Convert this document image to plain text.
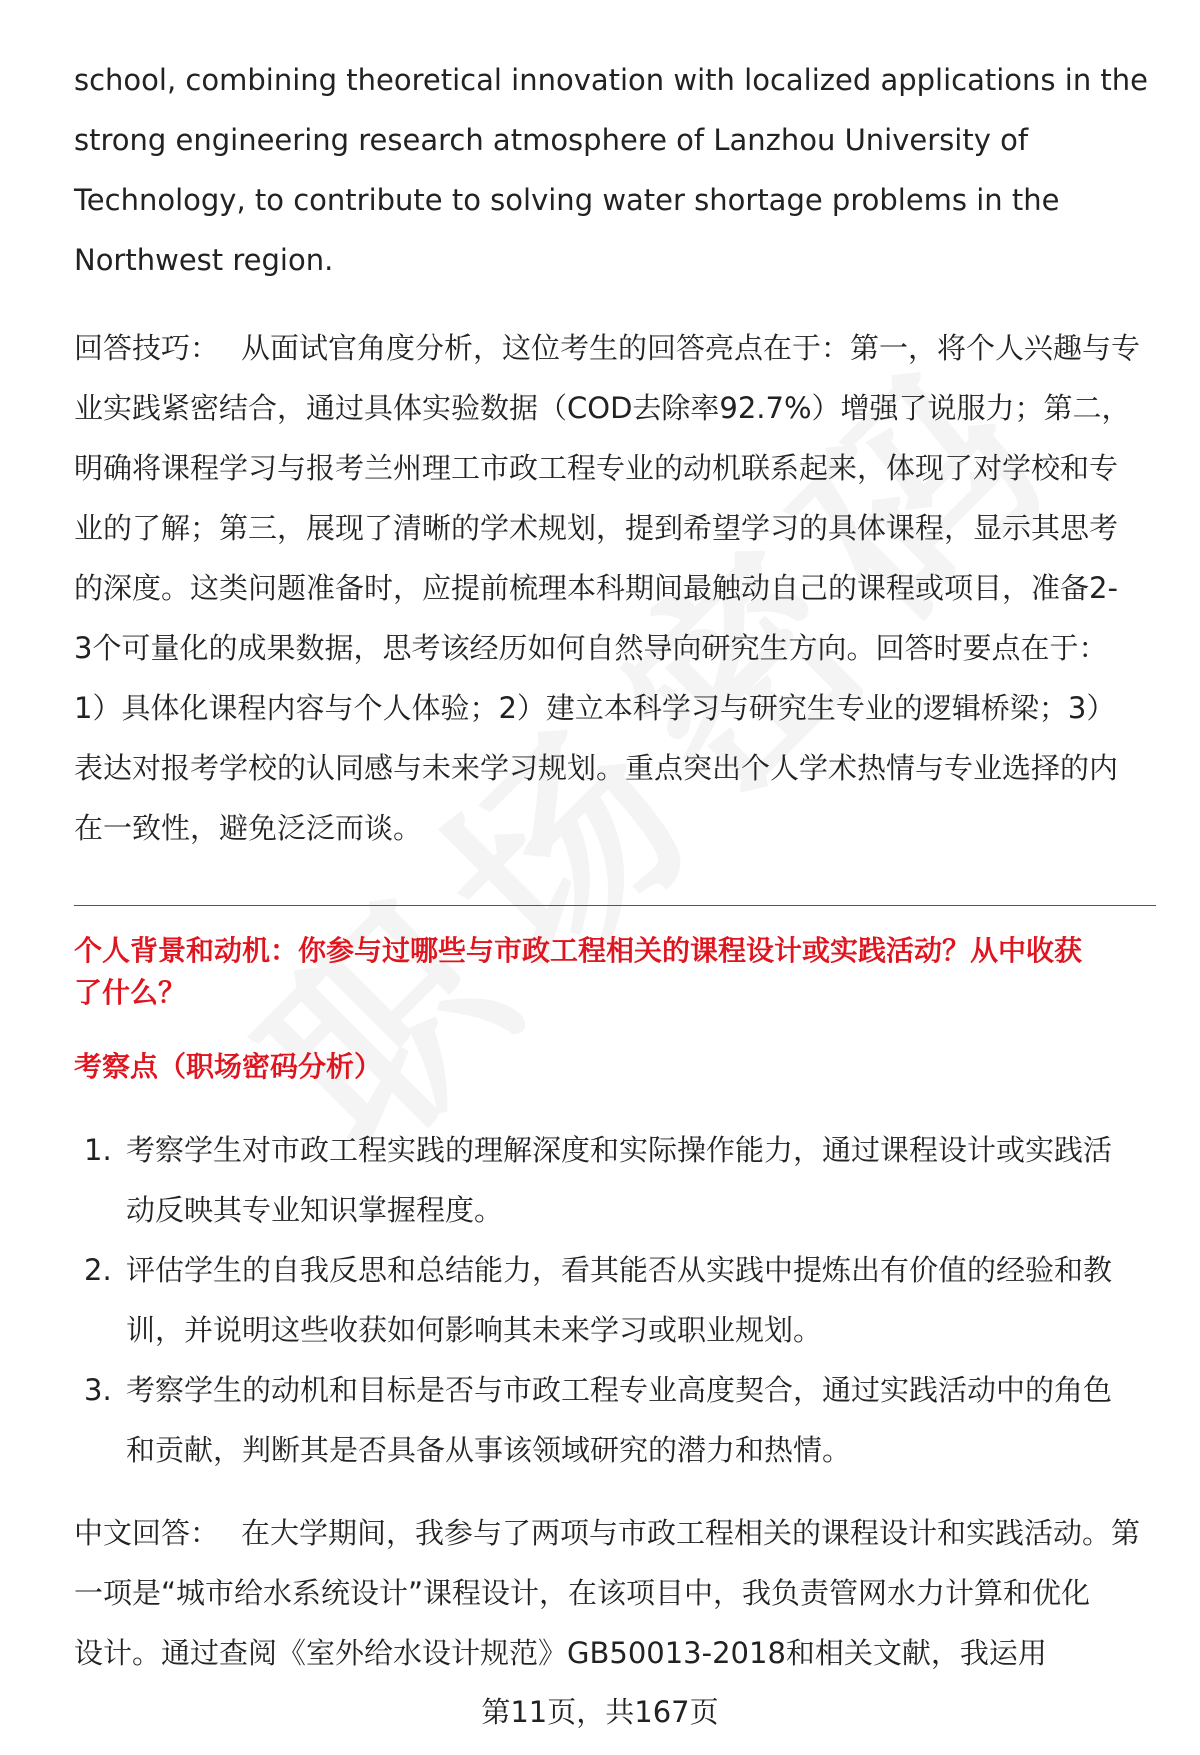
school, combining theoretical innovation with localized applications in the

strong engineering research atmosphere of Lanzhou University of

Technology, to contribute to solving water shortage problems in the

Northwest region.

回答技巧： 从面试官角度分析，这位考生的回答亮点在于：第一，将个人兴趣与专

业实践紧密结合，通过具体实验数据（COD去除率92.7%）增强了说服力；第二，

明确将课程学习与报考兰州理工市政工程专业的动机联系起来，体现了对学校和专

业的了解；第三，展现了清晰的学术规划，提到希望学习的具体课程，显示其思考

的深度。这类问题准备时，应提前梳理本科期间最触动自己的课程或项目，准备2-

3个可量化的成果数据，思考该经历如何自然导向研究生方向。回答时要点在于：

1）具体化课程内容与个人体验；2）建立本科学习与研究生专业的逻辑桥梁；3）

表达对报考学校的认同感与未来学习规划。重点突出个人学术热情与专业选择的内

在一致性，避免泛泛而谈。

个人背景和动机：你参与过哪些与市政工程相关的课程设计或实践活动？从中收获
了什么？
考察点（职场密码分析）
1. 考察学生对市政工程实践的理解深度和实际操作能力，通过课程设计或实践活
动反映其专业知识掌握程度。
2. 评估学生的自我反思和总结能力，看其能否从实践中提炼出有价值的经验和教
训，并说明这些收获如何影响其未来学习或职业规划。
3. 考察学生的动机和目标是否与市政工程专业高度契合，通过实践活动中的角色
和贡献，判断其是否具备从事该领域研究的潜力和热情。
中文回答： 在大学期间，我参与了两项与市政工程相关的课程设计和实践活动。第
一项是“城市给水系统设计”课程设计，在该项目中，我负责管网水力计算和优化
设计。通过查阅《室外给水设计规范》GB50013-2018和相关文献，我运用
第11页，共167页
